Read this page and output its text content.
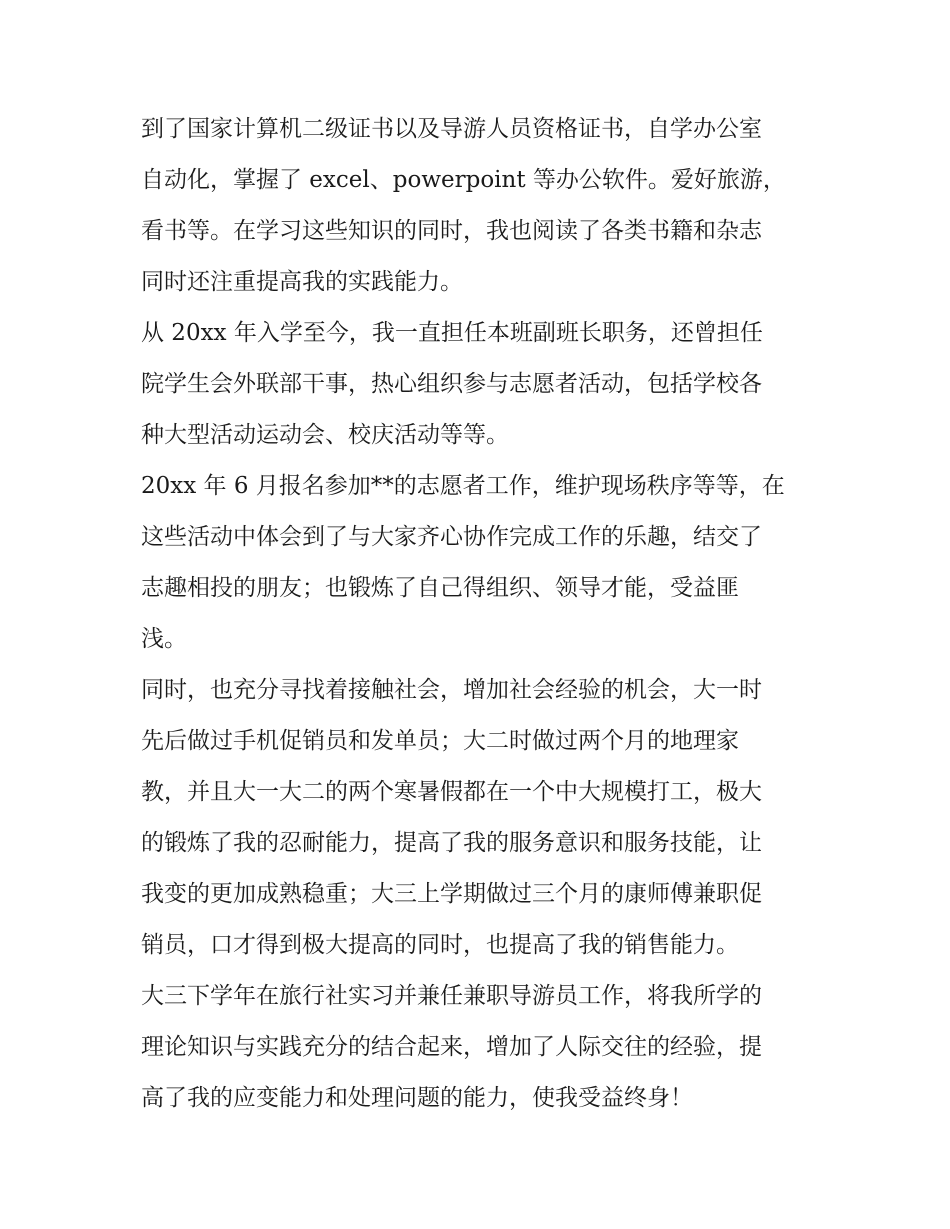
到了国家计算机二级证书以及导游人员资格证书，自学办公室
自动化，掌握了 excel、powerpoint 等办公软件。爱好旅游，
看书等。在学习这些知识的同时，我也阅读了各类书籍和杂志
同时还注重提高我的实践能力。
从 20xx 年入学至今，我一直担任本班副班长职务，还曾担任
院学生会外联部干事，热心组织参与志愿者活动，包括学校各
种大型活动运动会、校庆活动等等。
20xx 年 6 月报名参加**的志愿者工作，维护现场秩序等等，在
这些活动中体会到了与大家齐心协作完成工作的乐趣，结交了
志趣相投的朋友；也锻炼了自己得组织、领导才能，受益匪
浅。
同时，也充分寻找着接触社会，增加社会经验的机会，大一时
先后做过手机促销员和发单员；大二时做过两个月的地理家
教，并且大一大二的两个寒暑假都在一个中大规模打工，极大
的锻炼了我的忍耐能力，提高了我的服务意识和服务技能，让
我变的更加成熟稳重；大三上学期做过三个月的康师傅兼职促
销员，口才得到极大提高的同时，也提高了我的销售能力。
大三下学年在旅行社实习并兼任兼职导游员工作，将我所学的
理论知识与实践充分的结合起来，增加了人际交往的经验，提
高了我的应变能力和处理问题的能力，使我受益终身！
